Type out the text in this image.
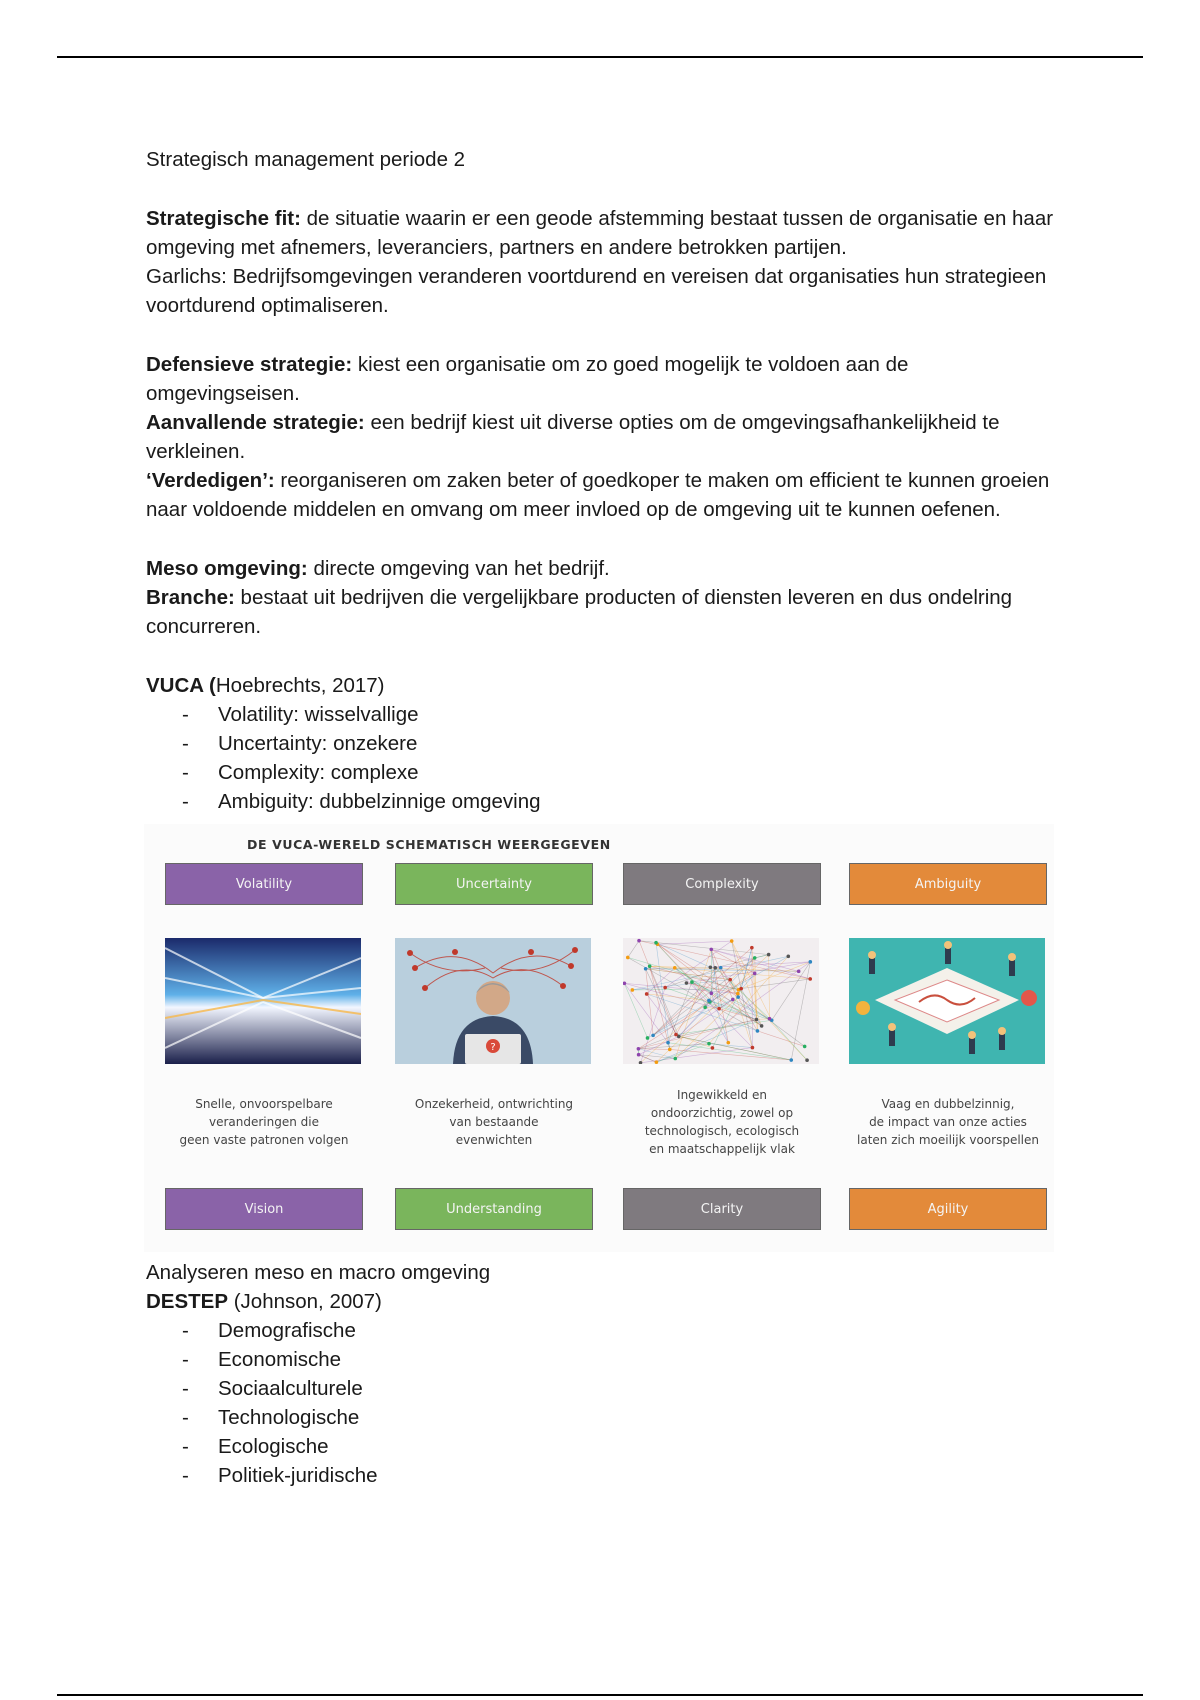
Strategisch management periode 2

Strategische fit: de situatie waarin er een geode afstemming bestaat tussen de organisatie en haar omgeving met afnemers, leveranciers, partners en andere betrokken partijen.

Garlichs: Bedrijfsomgevingen veranderen voortdurend en vereisen dat organisaties hun strategieen voortdurend optimaliseren.

Defensieve strategie: kiest een organisatie om zo goed mogelijk te voldoen aan de omgevingseisen.

Aanvallende strategie: een bedrijf kiest uit diverse opties om de omgevingsafhankelijkheid te verkleinen.

‘Verdedigen’: reorganiseren om zaken beter of goedkoper te maken om efficient te kunnen groeien naar voldoende middelen en omvang om meer invloed op de omgeving uit te kunnen oefenen.

Meso omgeving: directe omgeving van het bedrijf.

Branche: bestaat uit bedrijven die vergelijkbare producten of diensten leveren en dus ondelring concurreren.

VUCA (Hoebrechts, 2017)

- Volatility: wisselvallige
- Uncertainty: onzekere
- Complexity: complexe
- Ambiguity: dubbelzinnige omgeving
DE VUCA-WERELD SCHEMATISCH WEERGEGEVEN
Volatility
Snelle, onvoorspelbare
veranderingen die
geen vaste patronen volgen
Vision
Uncertainty
?
Onzekerheid, ontwrichting
van bestaande
evenwichten
Understanding
Complexity
Ingewikkeld en
ondoorzichtig, zowel op
technologisch, ecologisch
en maatschappelijk vlak
Clarity
Ambiguity
Vaag en dubbelzinnig,
de impact van onze acties
laten zich moeilijk voorspellen
Agility

Analyseren meso en macro omgeving

DESTEP (Johnson, 2007)

- Demografische
- Economische
- Sociaalculturele
- Technologische
- Ecologische
- Politiek-juridische
